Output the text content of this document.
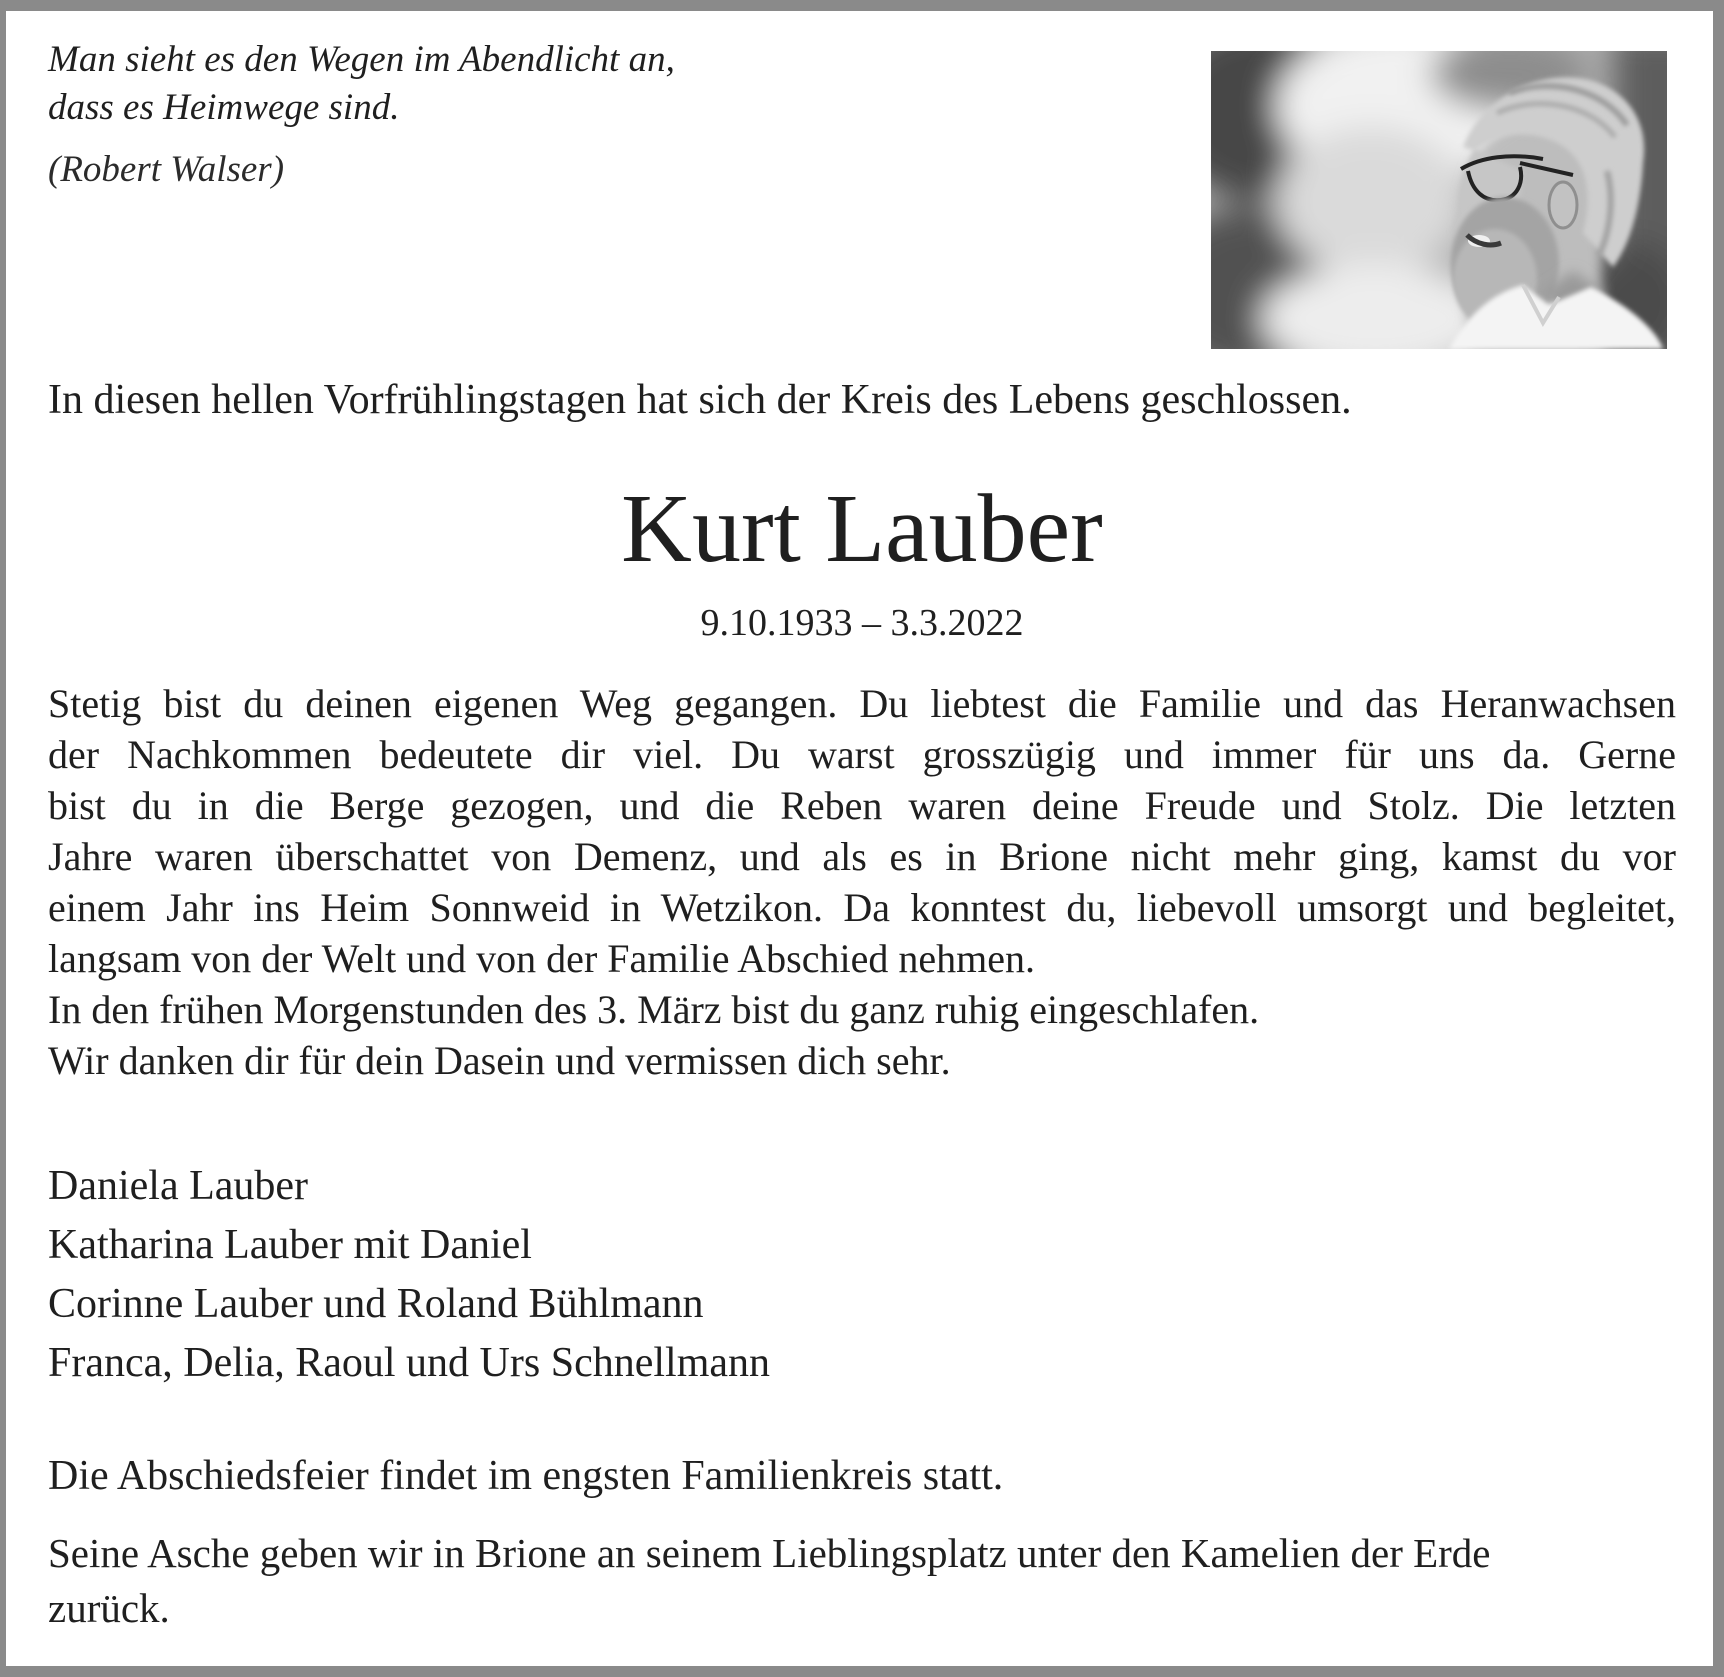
Man sieht es den Wegen im Abendlicht an,
dass es Heimwege sind.
(Robert Walser)
In diesen hellen Vorfrühlingstagen hat sich der Kreis des Lebens geschlossen.
Kurt Lauber
9.10.1933 – 3.3.2022
Stetig bist du deinen eigenen Weg gegangen. Du liebtest die Familie und das Heranwachsen
der Nachkommen bedeutete dir viel. Du warst grosszügig und immer für uns da. Gerne
bist du in die Berge gezogen, und die Reben waren deine Freude und Stolz. Die letzten
Jahre waren überschattet von Demenz, und als es in Brione nicht mehr ging, kamst du vor
einem Jahr ins Heim Sonnweid in Wetzikon. Da konntest du, liebevoll umsorgt und begleitet,
langsam von der Welt und von der Familie Abschied nehmen.
In den frühen Morgenstunden des 3. März bist du ganz ruhig eingeschlafen.
Wir danken dir für dein Dasein und vermissen dich sehr.
Daniela Lauber
Katharina Lauber mit Daniel
Corinne Lauber und Roland Bühlmann
Franca, Delia, Raoul und Urs Schnellmann
Die Abschiedsfeier findet im engsten Familienkreis statt.
Seine Asche geben wir in Brione an seinem Lieblingsplatz unter den Kamelien der Erde
zurück.
